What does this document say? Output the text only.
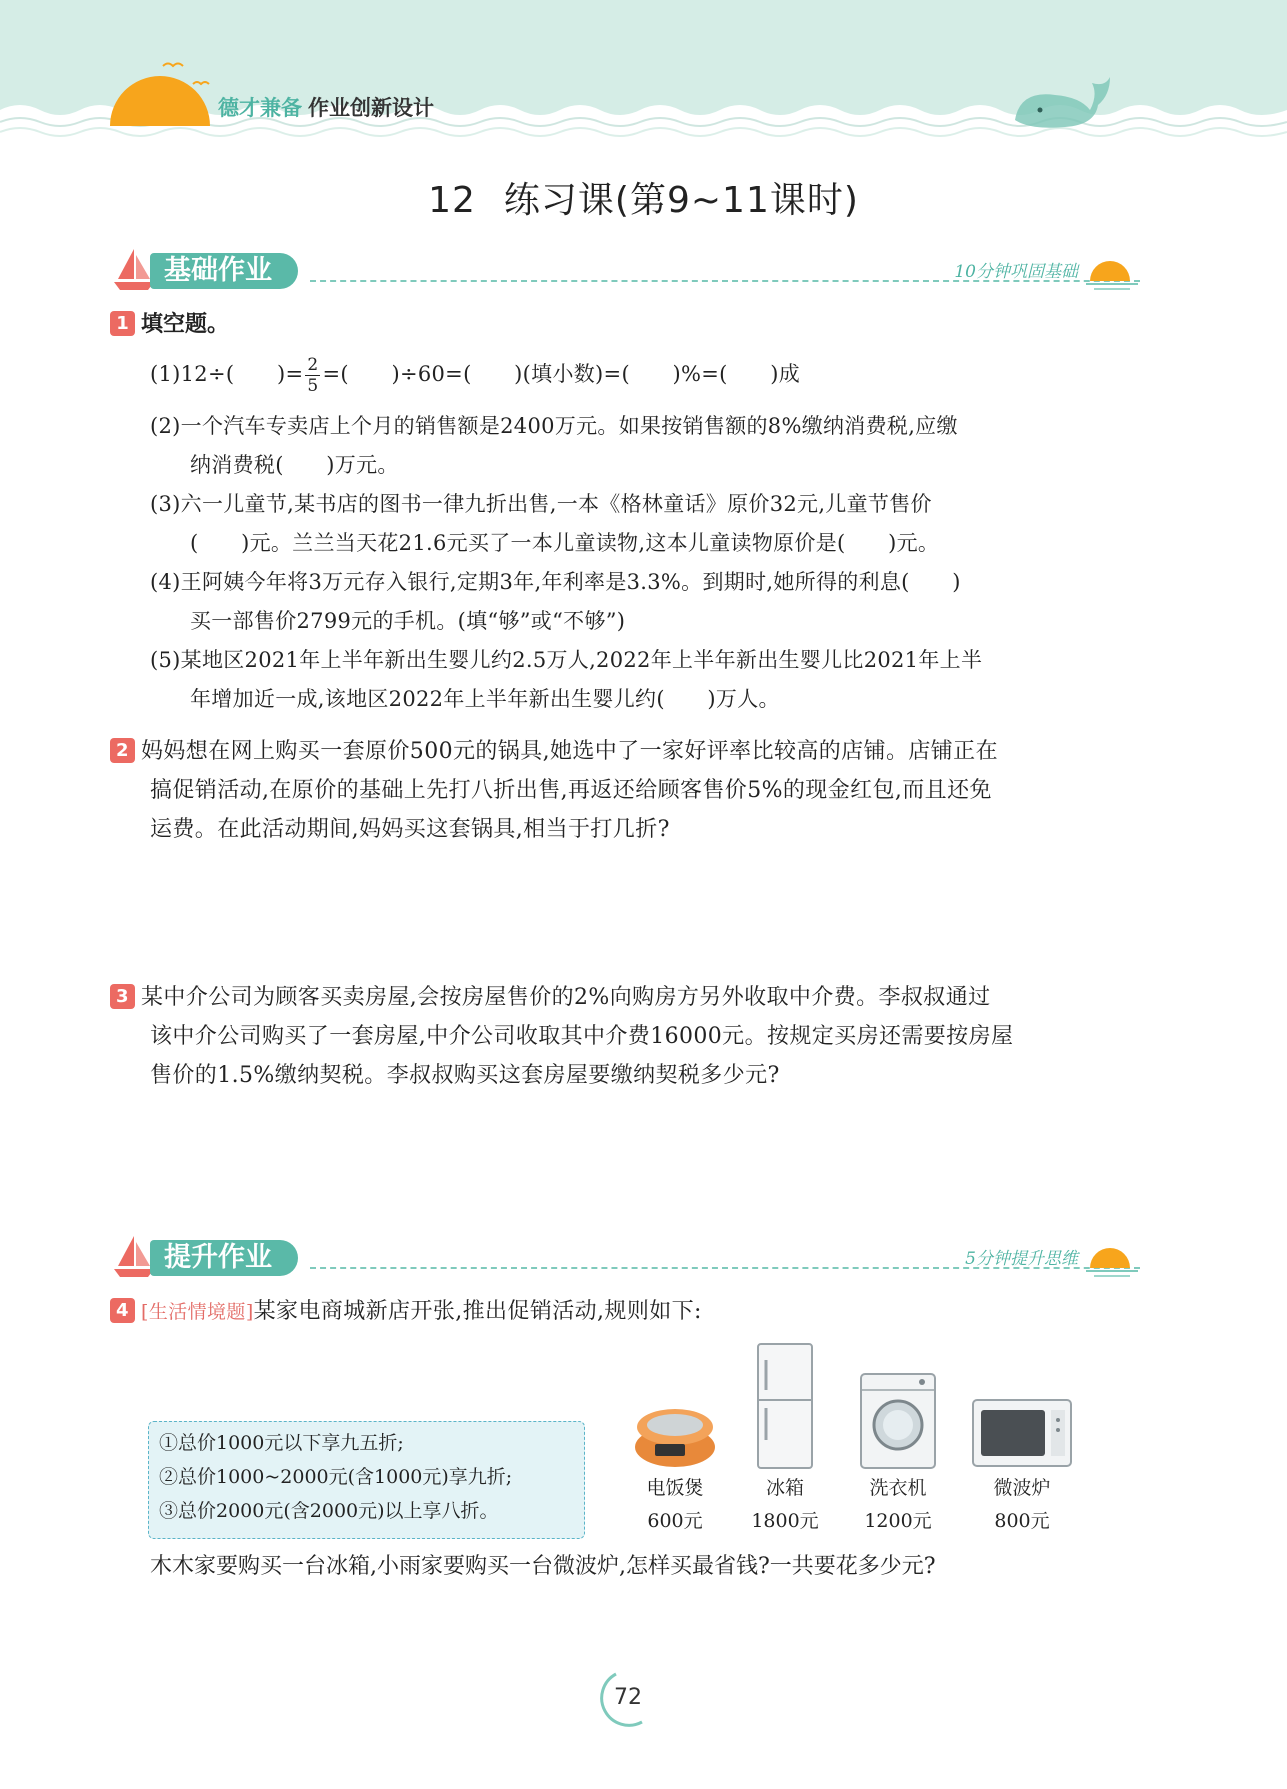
德才兼备 作业创新设计
12 练习课(第9~11课时)
基础作业	10分钟巩固基础
1 填空题。
(1)12÷(　　)= $\frac{2}{5}$ =(　　)÷60=(　　)(填小数)=(　　)%=(　　)成
(2)一个汽车专卖店上个月的销售额是2400万元。如果按销售额的8%缴纳消费税,应缴
纳消费税(　　)万元。
(3)六一儿童节,某书店的图书一律九折出售,一本《格林童话》原价32元,儿童节售价
(　　)元。兰兰当天花21.6元买了一本儿童读物,这本儿童读物原价是(　　)元。
(4)王阿姨今年将3万元存入银行,定期3年,年利率是3.3%。到期时,她所得的利息(　　)
买一部售价2799元的手机。(填“够”或“不够”)
(5)某地区2021年上半年新出生婴儿约2.5万人,2022年上半年新出生婴儿比2021年上半
年增加近一成,该地区2022年上半年新出生婴儿约(　　)万人。
2 妈妈想在网上购买一套原价500元的锅具,她选中了一家好评率比较高的店铺。店铺正在
搞促销活动,在原价的基础上先打八折出售,再返还给顾客售价5%的现金红包,而且还免
运费。在此活动期间,妈妈买这套锅具,相当于打几折?
3 某中介公司为顾客买卖房屋,会按房屋售价的2%向购房方另外收取中介费。李叔叔通过
该中介公司购买了一套房屋,中介公司收取其中介费16000元。按规定买房还需要按房屋
售价的1.5%缴纳契税。李叔叔购买这套房屋要缴纳契税多少元?
提升作业	5分钟提升思维
4 [生活情境题]某家电商城新店开张,推出促销活动,规则如下:
①总价1000元以下享九五折;
②总价1000~2000元(含1000元)享九折;
③总价2000元(含2000元)以上享八折。
电饭煲
600元
冰箱
1800元
洗衣机
1200元
微波炉
800元
木木家要购买一台冰箱,小雨家要购买一台微波炉,怎样买最省钱?一共要花多少元?
72
